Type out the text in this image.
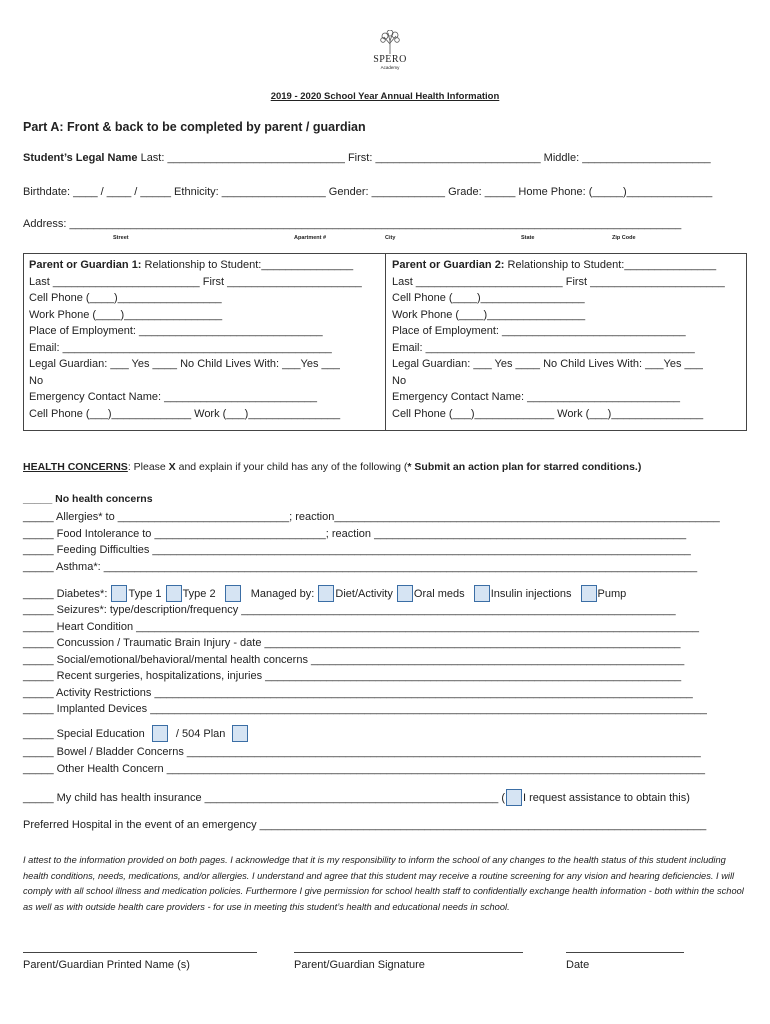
SPERO
Academy
2019 - 2020 School Year Annual Health Information
Part A: Front & back to be completed by parent / guardian
Student’s Legal Name Last: _____________________________ First: ___________________________ Middle: _____________________
Birthdate: ____ / ____ / _____ Ethnicity: _________________ Gender: ____________ Grade: _____ Home Phone: (_____)______________
Address: ____________________________________________________________________________________________________
Street	Apartment #	City	State	Zip Code
Parent or Guardian 1: Relationship to Student:_______________
Last ________________________ First ______________________
Cell Phone (____)_________________
Work Phone (____)________________
Place of Employment: ______________________________
Email: ____________________________________________
Legal Guardian: ___ Yes ____ No Child Lives With: ___Yes ___
No
Emergency Contact Name: _________________________
Cell Phone (___)_____________ Work (___)_______________
Parent or Guardian 2: Relationship to Student:_______________
Last ________________________ First ______________________
Cell Phone (____)_________________
Work Phone (____)________________
Place of Employment: ______________________________
Email: ____________________________________________
Legal Guardian: ___ Yes ____ No Child Lives With: ___Yes ___
No
Emergency Contact Name: _________________________
Cell Phone (___)_____________ Work (___)_______________
HEALTH CONCERNS: Please X and explain if your child has any of the following (* Submit an action plan for starred conditions.)
_____ No health concerns
_____ Allergies* to ____________________________; reaction_______________________________________________________________
_____ Food Intolerance to ____________________________; reaction ___________________________________________________
_____ Feeding Difficulties ________________________________________________________________________________________
_____ Asthma*: _________________________________________________________________________________________________
_____ Diabetes*: Type 1 Type 2	Managed by: Diet/Activity Oral meds Insulin injections Pump
_____ Seizures*: type/description/frequency _______________________________________________________________________
_____ Heart Condition ____________________________________________________________________________________________
_____ Concussion / Traumatic Brain Injury - date ____________________________________________________________________
_____ Social/emotional/behavioral/mental health concerns _____________________________________________________________
_____ Recent surgeries, hospitalizations, injuries ____________________________________________________________________
_____ Activity Restrictions ________________________________________________________________________________________
_____ Implanted Devices ___________________________________________________________________________________________
_____ Special Education	/ 504 Plan
_____ Bowel / Bladder Concerns ____________________________________________________________________________________
_____ Other Health Concern ________________________________________________________________________________________
_____ My child has health insurance ________________________________________________ ( I request assistance to obtain this)
Preferred Hospital in the event of an emergency _________________________________________________________________________
I attest to the information provided on both pages. I acknowledge that it is my responsibility to inform the school of any changes to the health status of this student including health conditions, needs, medications, and/or allergies. I understand and agree that this student may receive a routine screening for any vision and hearing deficiencies. I will comply with all school illness and medication policies. Furthermore I give permission for school health staff to confidentially exchange health information - both within the school as well as with outside health care providers - for use in meeting this student’s health and educational needs in school.
Parent/Guardian Printed Name (s)	Parent/Guardian Signature	Date
